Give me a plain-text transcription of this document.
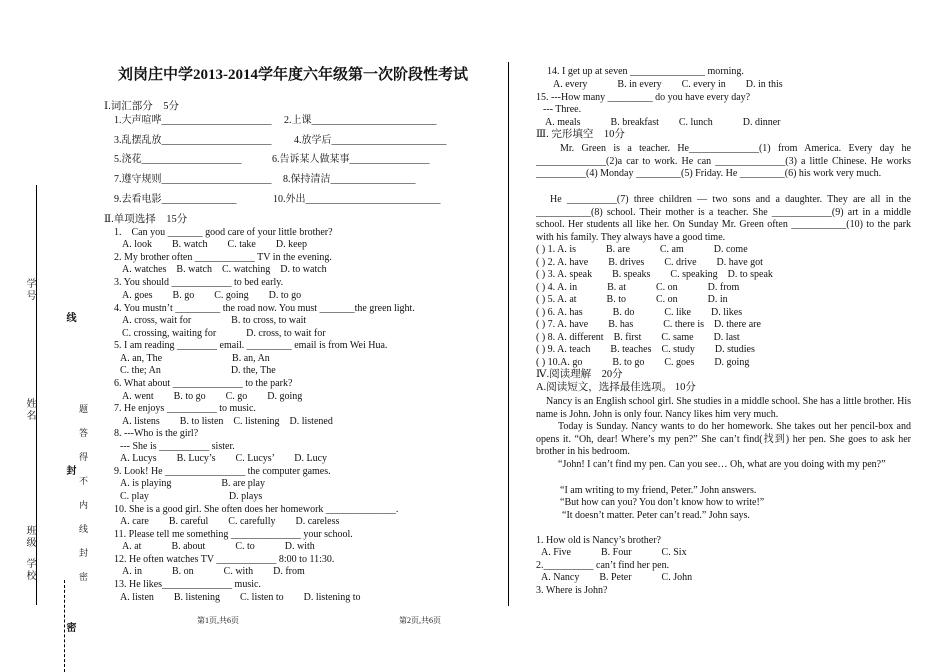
学号
姓名
班级
学校
线
封
密
题答得不内线封密
刘岗庄中学2013-2014学年度六年级第一次阶段性考试
Ⅰ.词汇部分　5分
1.大声喧哗______________________ 2.上课_________________________
3.乱摆乱放______________________ 4.放学后_______________________
5.浇花____________________	6.告诉某人做某事________________
7.遵守规则______________________ 8.保持清洁_________________
9.去看电影_______________	10.外出___________________________
Ⅱ.单项选择　15分
1.　Can you _______ good care of your little brother?
A. look　　B. watch　　C. take　　D. keep
2. My brother often ____________ TV in the evening.
A. watches　B. watch　C. watching　D. to watch
3. You should ____________ to bed early.
A. goes　　B. go　　C. going　　D. to go
4. You mustn’t _________ the road now. You must _______the green light.
A. cross, wait for　　　　B. to cross, to wait
C. crossing, waiting for　　　D. cross, to wait for
5. I am reading ________ email. _________ email is from Wei Hua.
A. an, The　　　　　　　B. an, An
C. the; An　　　　　　　D. the, The
6. What about ______________ to the park?
A. went　　B. to go　　C. go　　D. going
7. He enjoys __________ to music.
A. listens　　B. to listen　C. listening　D. listened
8. ---Who is the girl?
--- She is __________ sister.
A. Lucys　　B. Lucy’s　　C. Lucys’　　D. Lucy
9. Look! He ________________ the computer games.
A. is playing　　　　　B. are play
C. play　　　　　　　　D. plays
10. She is a good girl. She often does her homework ______________.
A. care　　B. careful　　C. carefully　　D. careless
11. Please tell me something ______________ your school.
A. at　　　B. about　　　C. to　　　D. with
12. He often watches TV ____________ 8:00 to 11:30.
A. in　　　B. on　　　C. with　　D. from
13. He likes______________ music.
A. listen　　B. listening　　C. listen to　　D. listening to
14. I get up at seven _______________ morning.
A. every　　　B. in every　　C. every in　　D. in this
15. ---How many _________ do you have every day?
--- Three.
A. meals　　　B. breakfast　　C. lunch　　　D. dinner
Ⅲ. 完形填空　10分
Mr. Green is a teacher. He______________(1) from America. Every day he ______________(2)a car to work. He can ______________(3) a little Chinese. He works __________(4) Monday _________(5) Friday. He _________(6) his work very much.
He __________(7) three children — two sons and a daughter. They are all in the ___________(8) school. Their mother is a teacher. She ____________(9) art in a middle school. Her students all like her. On Sunday Mr. Green often ___________(10) to the park with his family. They always have a good time.
( ) 1. A. is　　　B. are　　　C. am　　　D. come
( ) 2. A. have　　B. drives　　C. drive　　D. have got
( ) 3. A. speak　　B. speaks　　C. speaking　D. to speak
( ) 4. A. in　　　B. at　　　C. on　　　D. from
( ) 5. A. at　　　B. to　　　C. on　　　D. in
( ) 6. A. has　　　B. do　　　C. like　　D. likes
( ) 7. A. have　　B. has　　　C. there is　D. there are
( ) 8. A. different　B. first　　C. same　　D. last
( ) 9. A. teach　　B. teaches　C. study　　D. studies
( ) 10.A. go　　　B. to go　　C. goes　　D. going
Ⅳ.阅读理解　20分
A.阅读短文，选择最佳选项。 10分
Nancy is an English school girl. She studies in a middle school. She has a little brother. His name is John. John is only four. Nancy likes him very much.
Today is Sunday. Nancy wants to do her homework. She takes out her pencil-box and opens it. “Oh, dear! Where’s my pen?” She can’t find(找到) her pen. She goes to ask her brother in his bedroom.
“John! I can’t find my pen. Can you see… Oh, what are you doing with my pen?”
“I am writing to my friend, Peter.” John answers.
“But how can you? You don’t know how to write!”
“It doesn’t matter. Peter can’t read.” John says.
1. How old is Nancy’s brother?
A. Five　　　B. Four　　　C. Six
2.__________ can’t find her pen.
A. Nancy　　B. Peter　　　C. John
3. Where is John?
第1页,共6页	第2页,共6页
